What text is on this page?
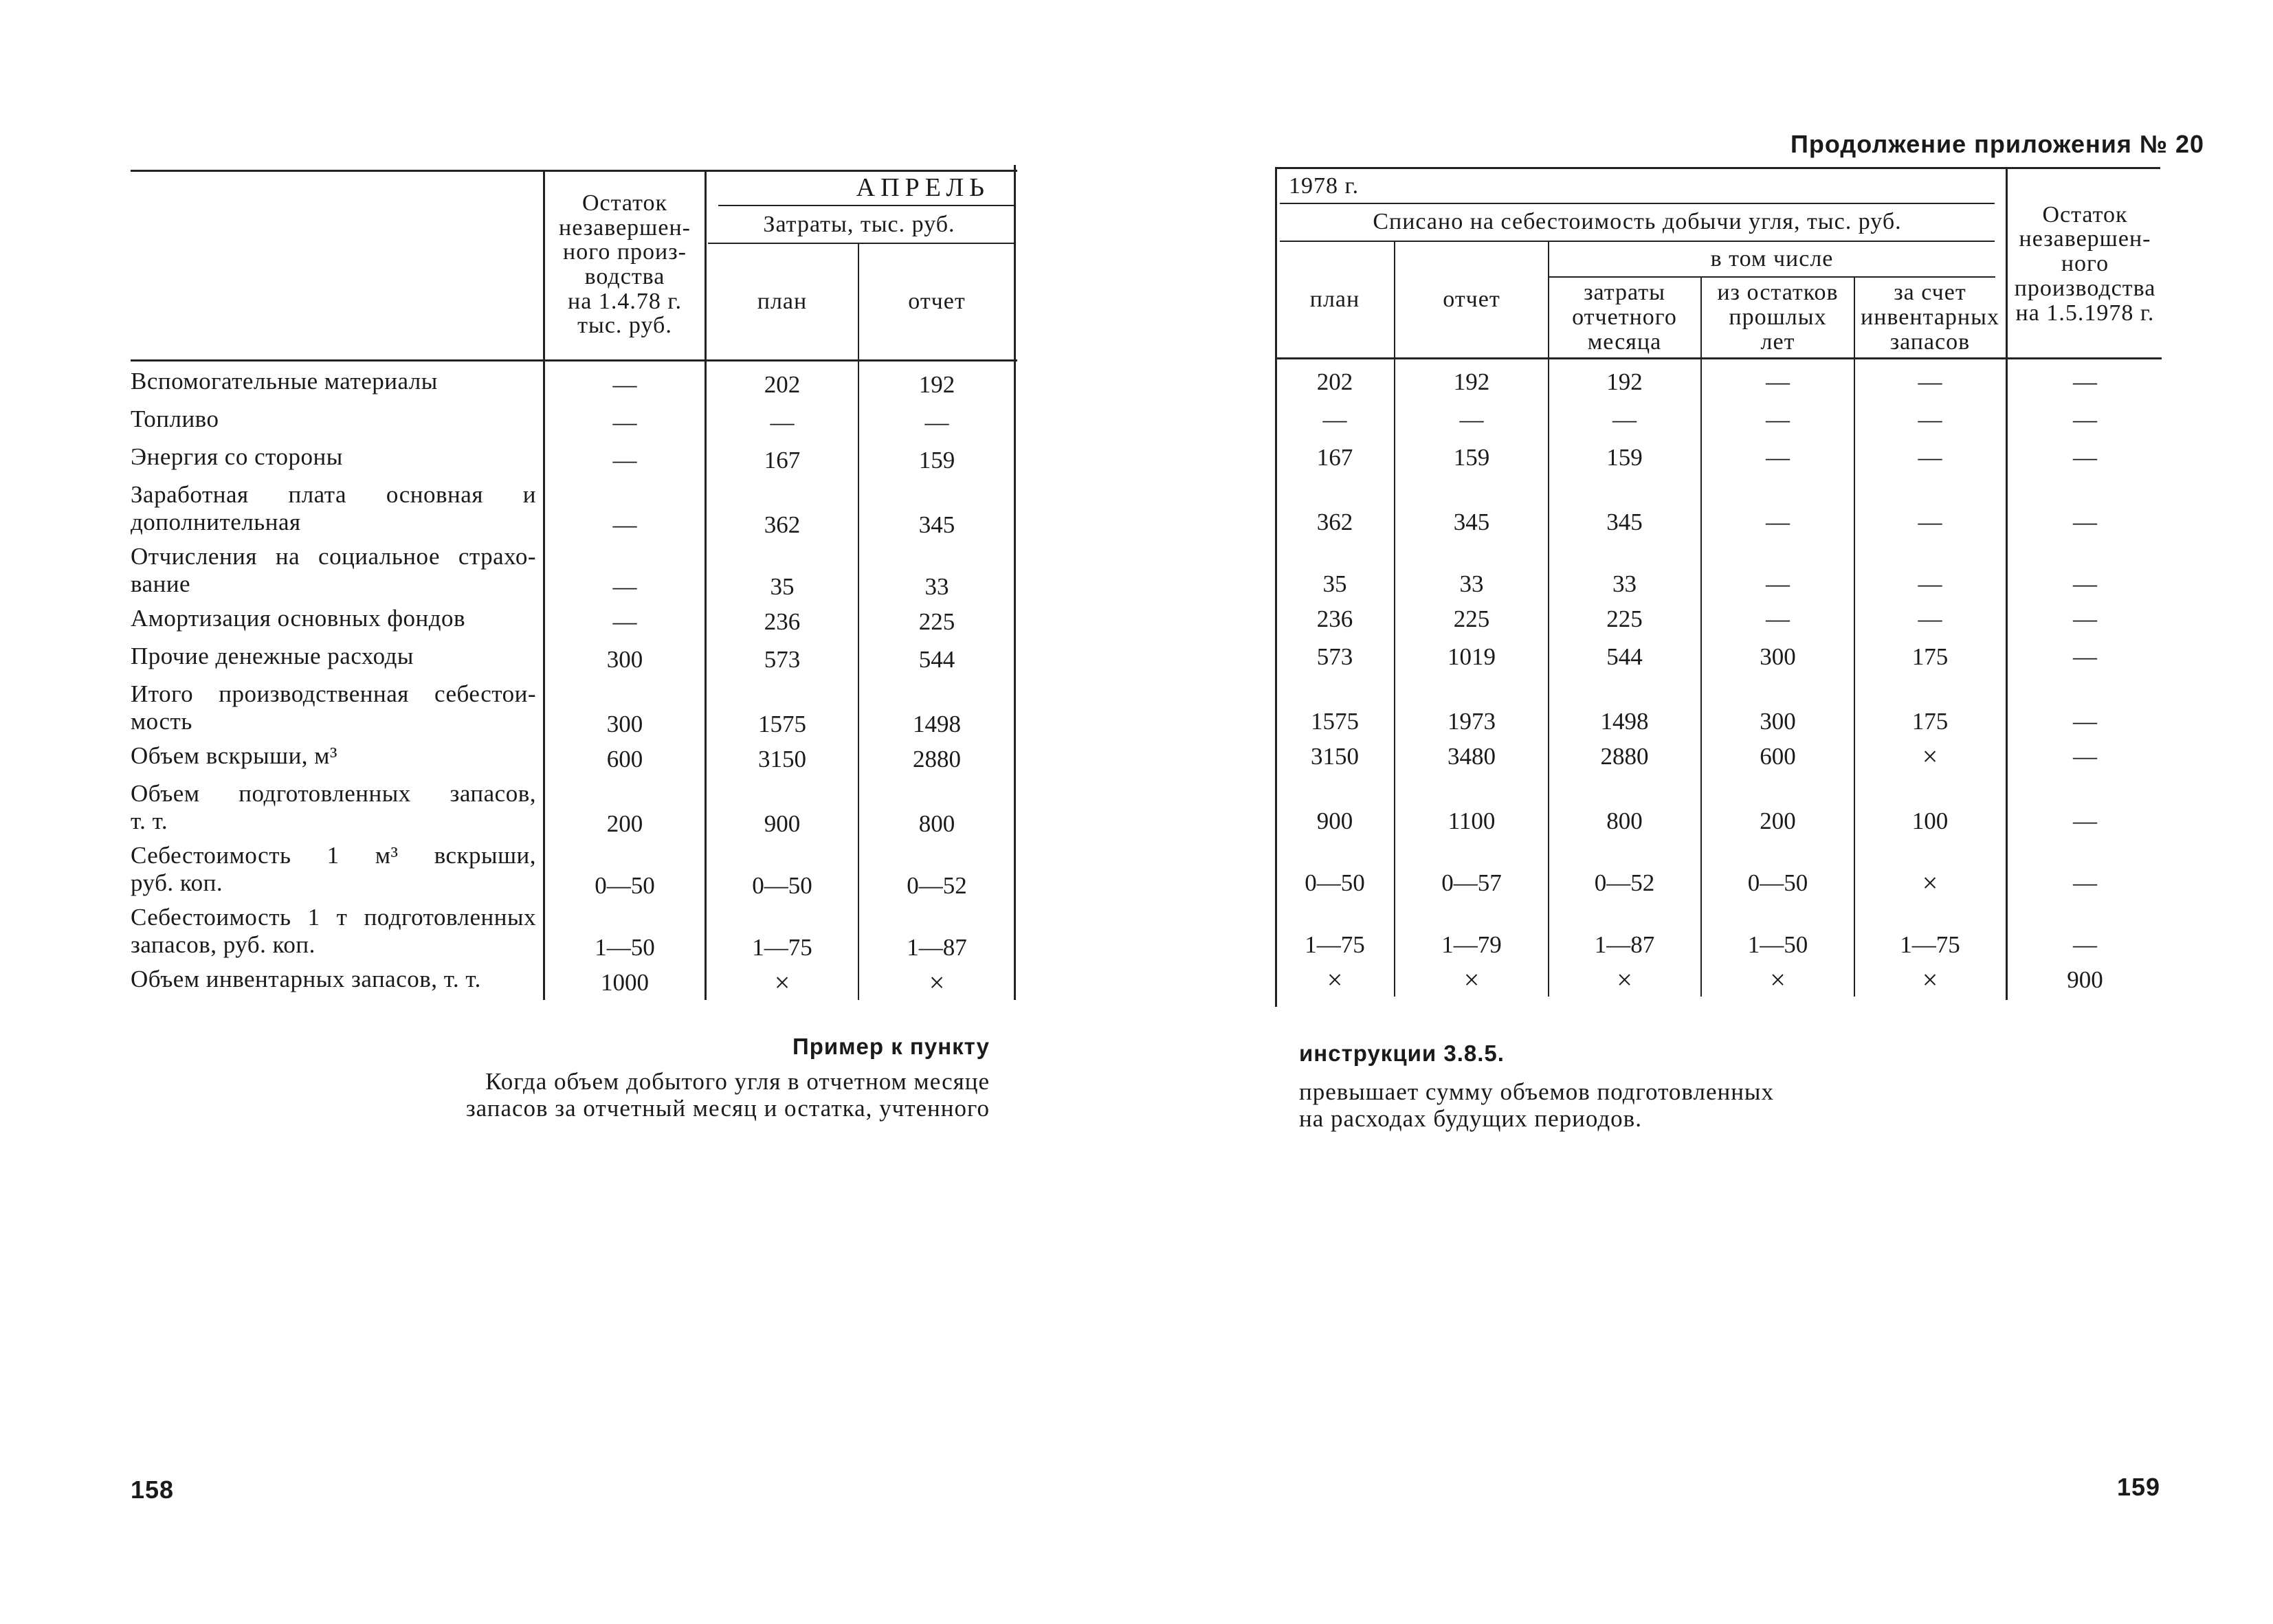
Продолжение приложения № 20
Остаток
незавершен-
ного произ-
водства
на 1.4.78 г.
тыс. руб.
АПРЕЛЬ
Затраты, тыс. руб.
план	отчет
Вспомогательные материалы	—	202	192
Топливо	—	—	—
Энергия со стороны	—	167	159
Заработная плата основная и
дополнительная	—	362	345
Отчисления на социальное страхо-
вание	—	35	33
Амортизация основных фондов	—	236	225
Прочие денежные расходы	300	573	544
Итого производственная себестои-
мость	300	1575	1498
Объем вскрыши, м³	600	3150	2880
Объем подготовленных запасов,
т. т.	200	900	800
Себестоимость 1 м³ вскрыши,
руб. коп.	0—50	0—50	0—52
Себестоимость 1 т подготовленных
запасов, руб. коп.	1—50	1—75	1—87
Объем инвентарных запасов, т. т.	1000	×	×
1978 г.
Списано на себестоимость добычи угля, тыс. руб.
в том числе
план	отчет	затраты
отчетного
месяца
из остатков
прошлых
лет
за счет
инвентарных
запасов
Остаток
незавершен-
ного
производства
на 1.5.1978 г.
202	192	192	—	—	—
—	—	—	—	—	—
167	159	159	—	—	—
362	345	345	—	—	—
35	33	33	—	—	—
236	225	225	—	—	—
573	1019	544	300	175	—
1575	1973	1498	300	175	—
3150	3480	2880	600	×	—
900	1100	800	200	100	—
0—50	0—57	0—52	0—50	×	—
1—75	1—79	1—87	1—50	1—75	—
×	×	×	×	×	900
Пример к пункту
Когда объем добытого угля в отчетном месяце
запасов за отчетный месяц и остатка, учтенного
инструкции 3.8.5.
превышает сумму объемов подготовленных
на расходах будущих периодов.
158	159
